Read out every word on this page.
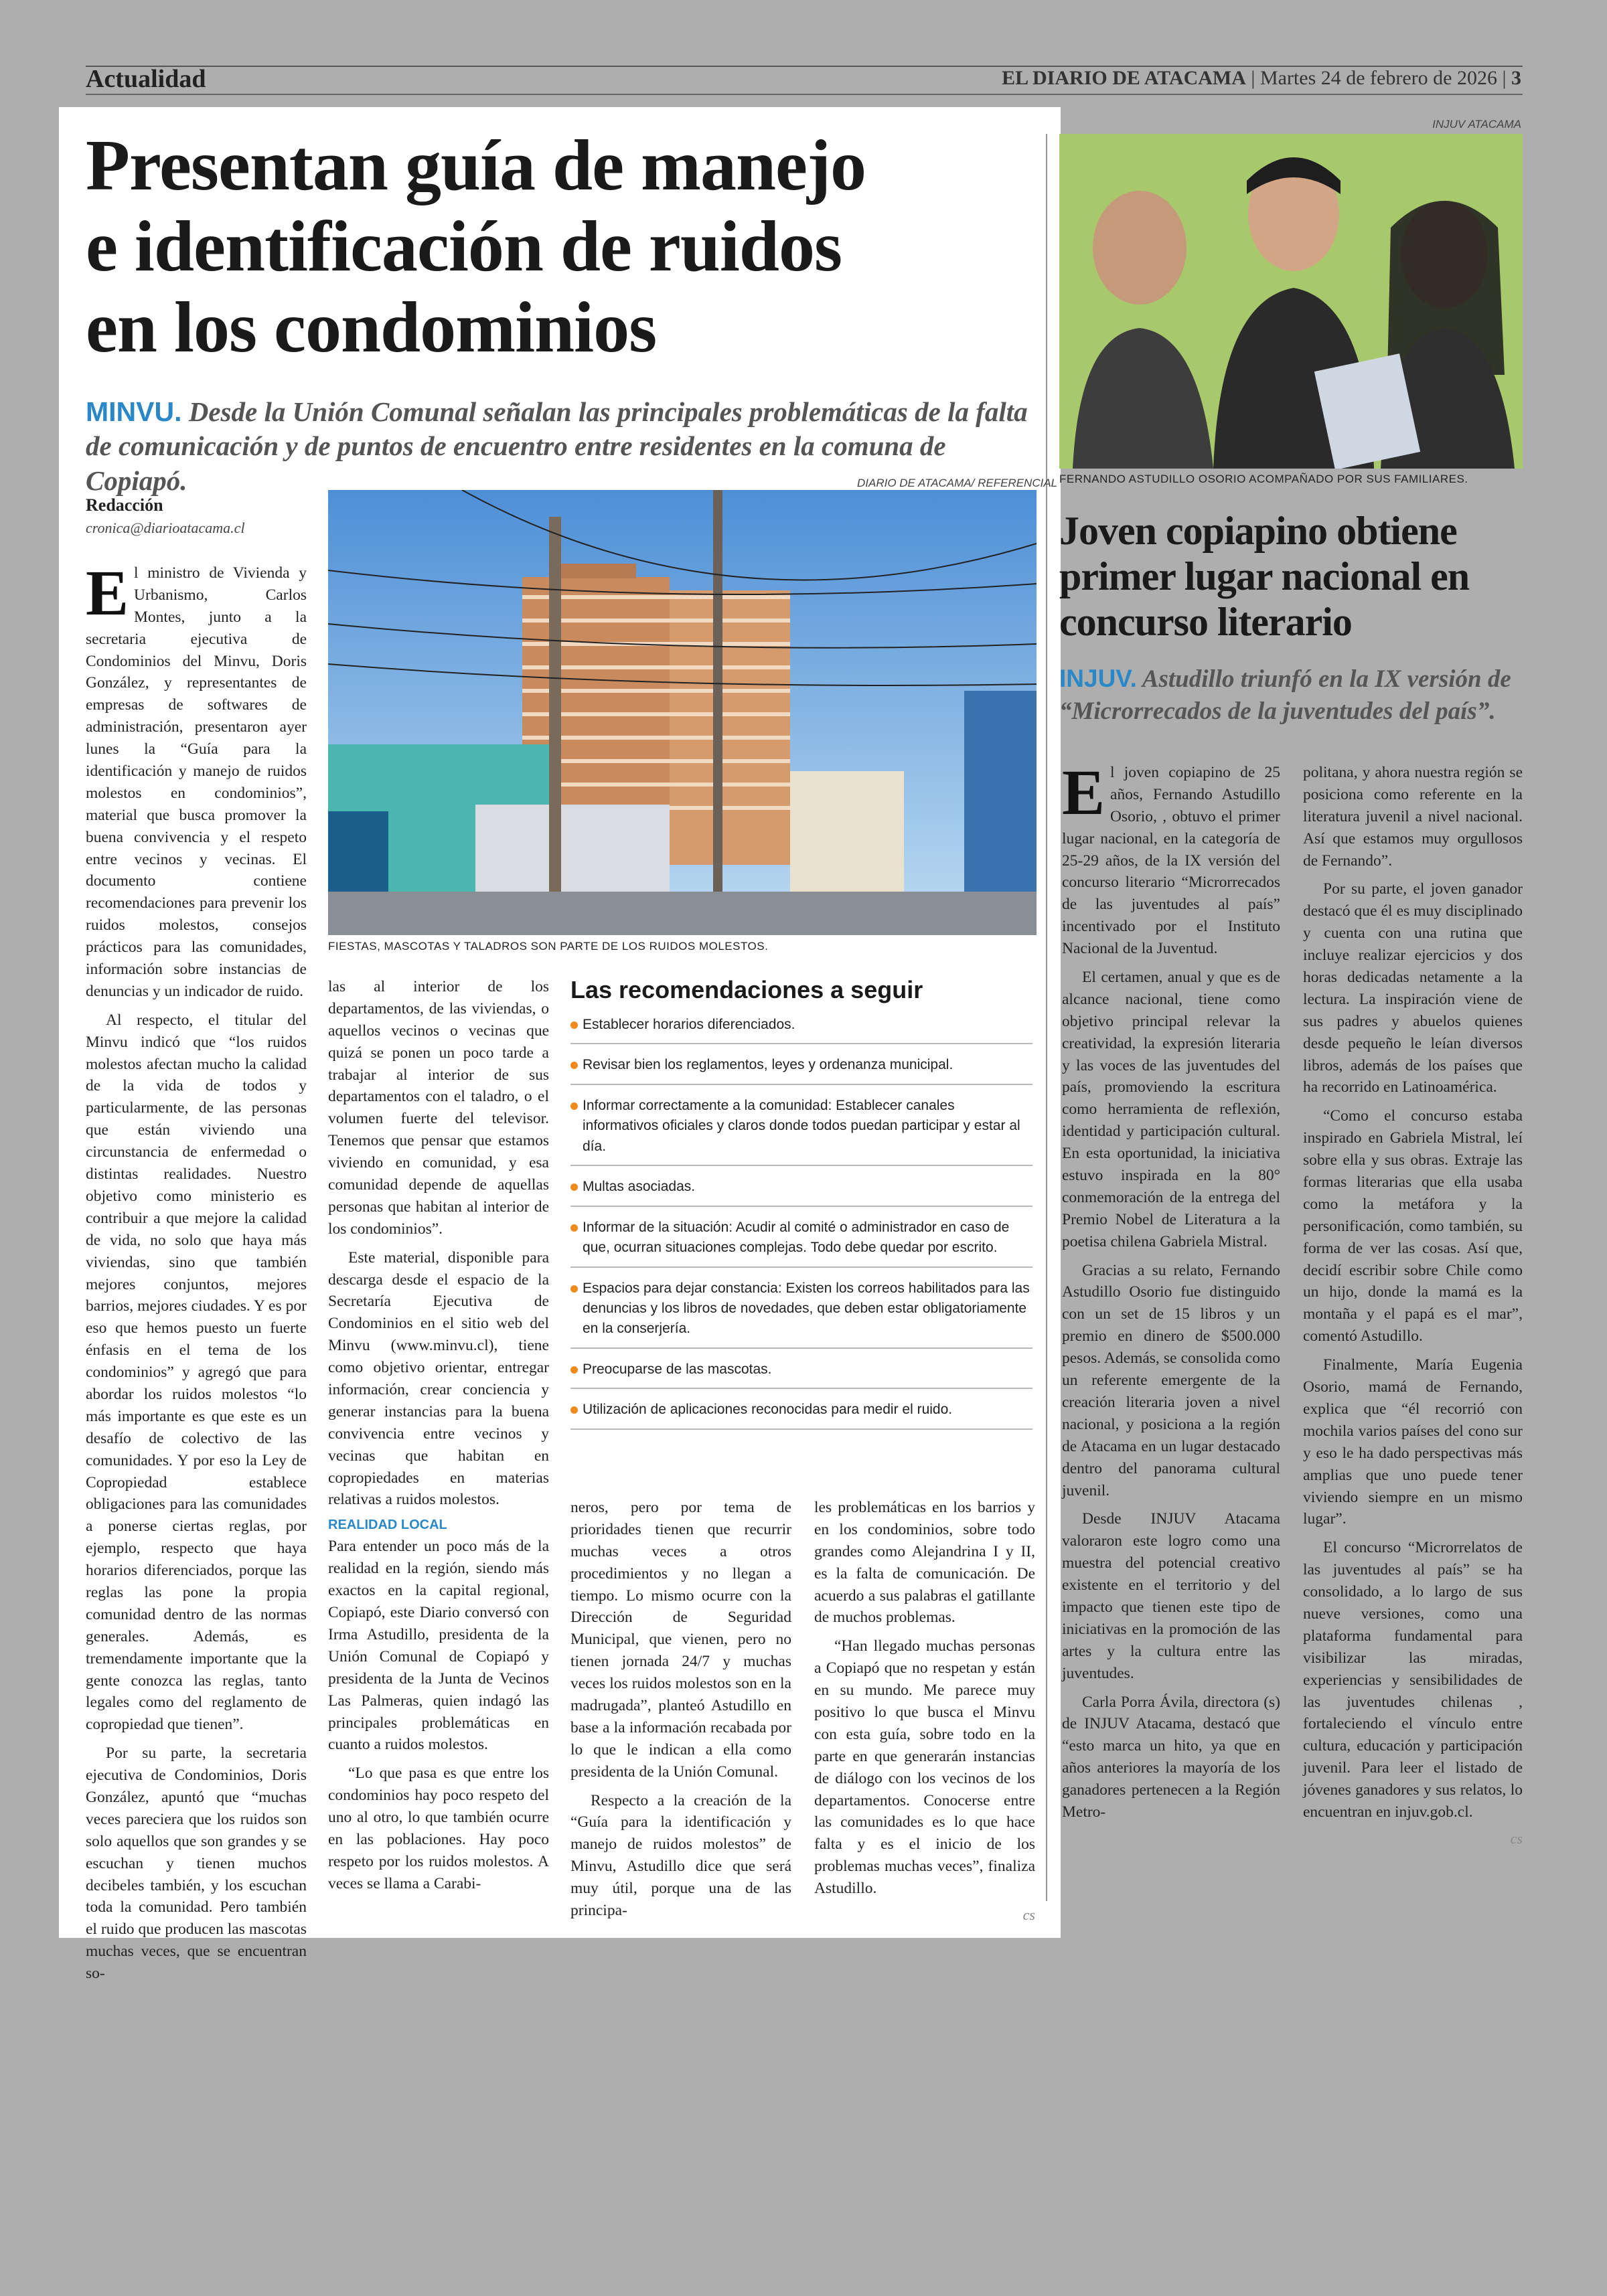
Actualidad	EL DIARIO DE ATACAMA | Martes 24 de febrero de 2026 | 3
Presentan guía de manejo
e identificación de ruidos
en los condominios
MINVU. Desde la Unión Comunal señalan las principales problemáticas de la falta de comunicación y de puntos de encuentro entre residentes en la comuna de Copiapó.
Redacción
cronica@diarioatacama.cl
DIARIO DE ATACAMA/ REFERENCIAL
FIESTAS, MASCOTAS Y TALADROS SON PARTE DE LOS RUIDOS MOLESTOS.

El ministro de Vivienda y Urbanismo, Carlos Montes, junto a la secretaria ejecutiva de Condominios del Minvu, Doris González, y representantes de empresas de softwares de administración, presentaron ayer lunes la “Guía para la identificación y manejo de ruidos molestos en condominios”, material que busca promover la buena convivencia y el respeto entre vecinos y vecinas. El documento contiene recomendaciones para prevenir los ruidos molestos, consejos prácticos para las comunidades, información sobre instancias de denuncias y un indicador de ruido.

Al respecto, el titular del Minvu indicó que “los ruidos molestos afectan mucho la calidad de la vida de todos y particularmente, de las personas que están viviendo una circunstancia de enfermedad o distintas realidades. Nuestro objetivo como ministerio es contribuir a que mejore la calidad de vida, no solo que haya más viviendas, sino que también mejores conjuntos, mejores barrios, mejores ciudades. Y es por eso que hemos puesto un fuerte énfasis en el tema de los condominios” y agregó que para abordar los ruidos molestos “lo más importante es que este es un desafío de colectivo de las comunidades. Y por eso la Ley de Copropiedad establece obligaciones para las comunidades a ponerse ciertas reglas, por ejemplo, respecto que haya horarios diferenciados, porque las reglas las pone la propia comunidad dentro de las normas generales. Además, es tremendamente importante que la gente conozca las reglas, tanto legales como del reglamento de copropiedad que tienen”.

Por su parte, la secretaria ejecutiva de Condominios, Doris González, apuntó que “muchas veces pareciera que los ruidos son solo aquellos que son grandes y se escuchan y tienen muchos decibeles también, y los escuchan toda la comunidad. Pero también el ruido que producen las mascotas muchas veces, que se encuentran so-

las al interior de los departamentos, de las viviendas, o aquellos vecinos o vecinas que quizá se ponen un poco tarde a trabajar al interior de sus departamentos con el taladro, o el volumen fuerte del televisor. Tenemos que pensar que estamos viviendo en comunidad, y esa comunidad depende de aquellas personas que habitan al interior de los condominios”.

Este material, disponible para descarga desde el espacio de la Secretaría Ejecutiva de Condominios en el sitio web del Minvu (www.minvu.cl), tiene como objetivo orientar, entregar información, crear conciencia y generar instancias para la buena convivencia entre vecinos y vecinas que habitan en copropiedades en materias relativas a ruidos molestos.

REALIDAD LOCAL

Para entender un poco más de la realidad en la región, siendo más exactos en la capital regional, Copiapó, este Diario conversó con Irma Astudillo, presidenta de la Unión Comunal de Copiapó y presidenta de la Junta de Vecinos Las Palmeras, quien indagó las principales problemáticas en cuanto a ruidos molestos.

“Lo que pasa es que entre los condominios hay poco respeto del uno al otro, lo que también ocurre en las poblaciones. Hay poco respeto por los ruidos molestos. A veces se llama a Carabi-

Las recomendaciones a seguir
Establecer horarios diferenciados.
Revisar bien los reglamentos, leyes y ordenanza municipal.
Informar correctamente a la comunidad: Establecer canales informativos oficiales y claros donde todos puedan participar y estar al día.
Multas asociadas.
Informar de la situación: Acudir al comité o administrador en caso de que, ocurran situaciones complejas. Todo debe quedar por escrito.
Espacios para dejar constancia: Existen los correos habilitados para las denuncias y los libros de novedades, que deben estar obligatoriamente en la conserjería.
Preocuparse de las mascotas.
Utilización de aplicaciones reconocidas para medir el ruido.

neros, pero por tema de prioridades tienen que recurrir muchas veces a otros procedimientos y no llegan a tiempo. Lo mismo ocurre con la Dirección de Seguridad Municipal, que vienen, pero no tienen jornada 24/7 y muchas veces los ruidos molestos son en la madrugada”, planteó Astudillo en base a la información recabada por lo que le indican a ella como presidenta de la Unión Comunal.

Respecto a la creación de la “Guía para la identificación y manejo de ruidos molestos” de Minvu, Astudillo dice que será muy útil, porque una de las principa-

les problemáticas en los barrios y en los condominios, sobre todo grandes como Alejandrina I y II, es la falta de comunicación. De acuerdo a sus palabras el gatillante de muchos problemas.

“Han llegado muchas personas a Copiapó que no respetan y están en su mundo. Me parece muy positivo lo que busca el Minvu con esta guía, sobre todo en la parte en que generarán instancias de diálogo con los vecinos de los departamentos. Conocerse entre las comunidades es lo que hace falta y es el inicio de los problemas muchas veces”, finaliza Astudillo.

cs
INJUV ATACAMA
FERNANDO ASTUDILLO OSORIO ACOMPAÑADO POR SUS FAMILIARES.
Joven copiapino obtiene primer lugar nacional en concurso literario
INJUV. Astudillo triunfó en la IX versión de “Microrrecados de la juventudes del país”.

El joven copiapino de 25 años, Fernando Astudillo Osorio, , obtuvo el primer lugar nacional, en la categoría de 25-29 años, de la IX versión del concurso literario “Microrrecados de las juventudes al país” incentivado por el Instituto Nacional de la Juventud.

El certamen, anual y que es de alcance nacional, tiene como objetivo principal relevar la creatividad, la expresión literaria y las voces de las juventudes del país, promoviendo la escritura como herramienta de reflexión, identidad y participación cultural. En esta oportunidad, la iniciativa estuvo inspirada en la 80° conmemoración de la entrega del Premio Nobel de Literatura a la poetisa chilena Gabriela Mistral.

Gracias a su relato, Fernando Astudillo Osorio fue distinguido con un set de 15 libros y un premio en dinero de $500.000 pesos. Además, se consolida como un referente emergente de la creación literaria joven a nivel nacional, y posiciona a la región de Atacama en un lugar destacado dentro del panorama cultural juvenil.

Desde INJUV Atacama valoraron este logro como una muestra del potencial creativo existente en el territorio y del impacto que tienen este tipo de iniciativas en la promoción de las artes y la cultura entre las juventudes.

Carla Porra Ávila, directora (s) de INJUV Atacama, destacó que “esto marca un hito, ya que en años anteriores la mayoría de los ganadores pertenecen a la Región Metro-

politana, y ahora nuestra región se posiciona como referente en la literatura juvenil a nivel nacional. Así que estamos muy orgullosos de Fernando”.

Por su parte, el joven ganador destacó que él es muy disciplinado y cuenta con una rutina que incluye realizar ejercicios y dos horas dedicadas netamente a la lectura. La inspiración viene de sus padres y abuelos quienes desde pequeño le leían diversos libros, además de los países que ha recorrido en Latinoamérica.

“Como el concurso estaba inspirado en Gabriela Mistral, leí sobre ella y sus obras. Extraje las formas literarias que ella usaba como la metáfora y la personificación, como también, su forma de ver las cosas. Así que, decidí escribir sobre Chile como un hijo, donde la mamá es la montaña y el papá es el mar”, comentó Astudillo.

Finalmente, María Eugenia Osorio, mamá de Fernando, explica que “él recorrió con mochila varios países del cono sur y eso le ha dado perspectivas más amplias que uno puede tener viviendo siempre en un mismo lugar”.

El concurso “Microrrelatos de las juventudes al país” se ha consolidado, a lo largo de sus nueve versiones, como una plataforma fundamental para visibilizar las miradas, experiencias y sensibilidades de las juventudes chilenas , fortaleciendo el vínculo entre cultura, educación y participación juvenil. Para leer el listado de jóvenes ganadores y sus relatos, lo encuentran en injuv.gob.cl.

cs
